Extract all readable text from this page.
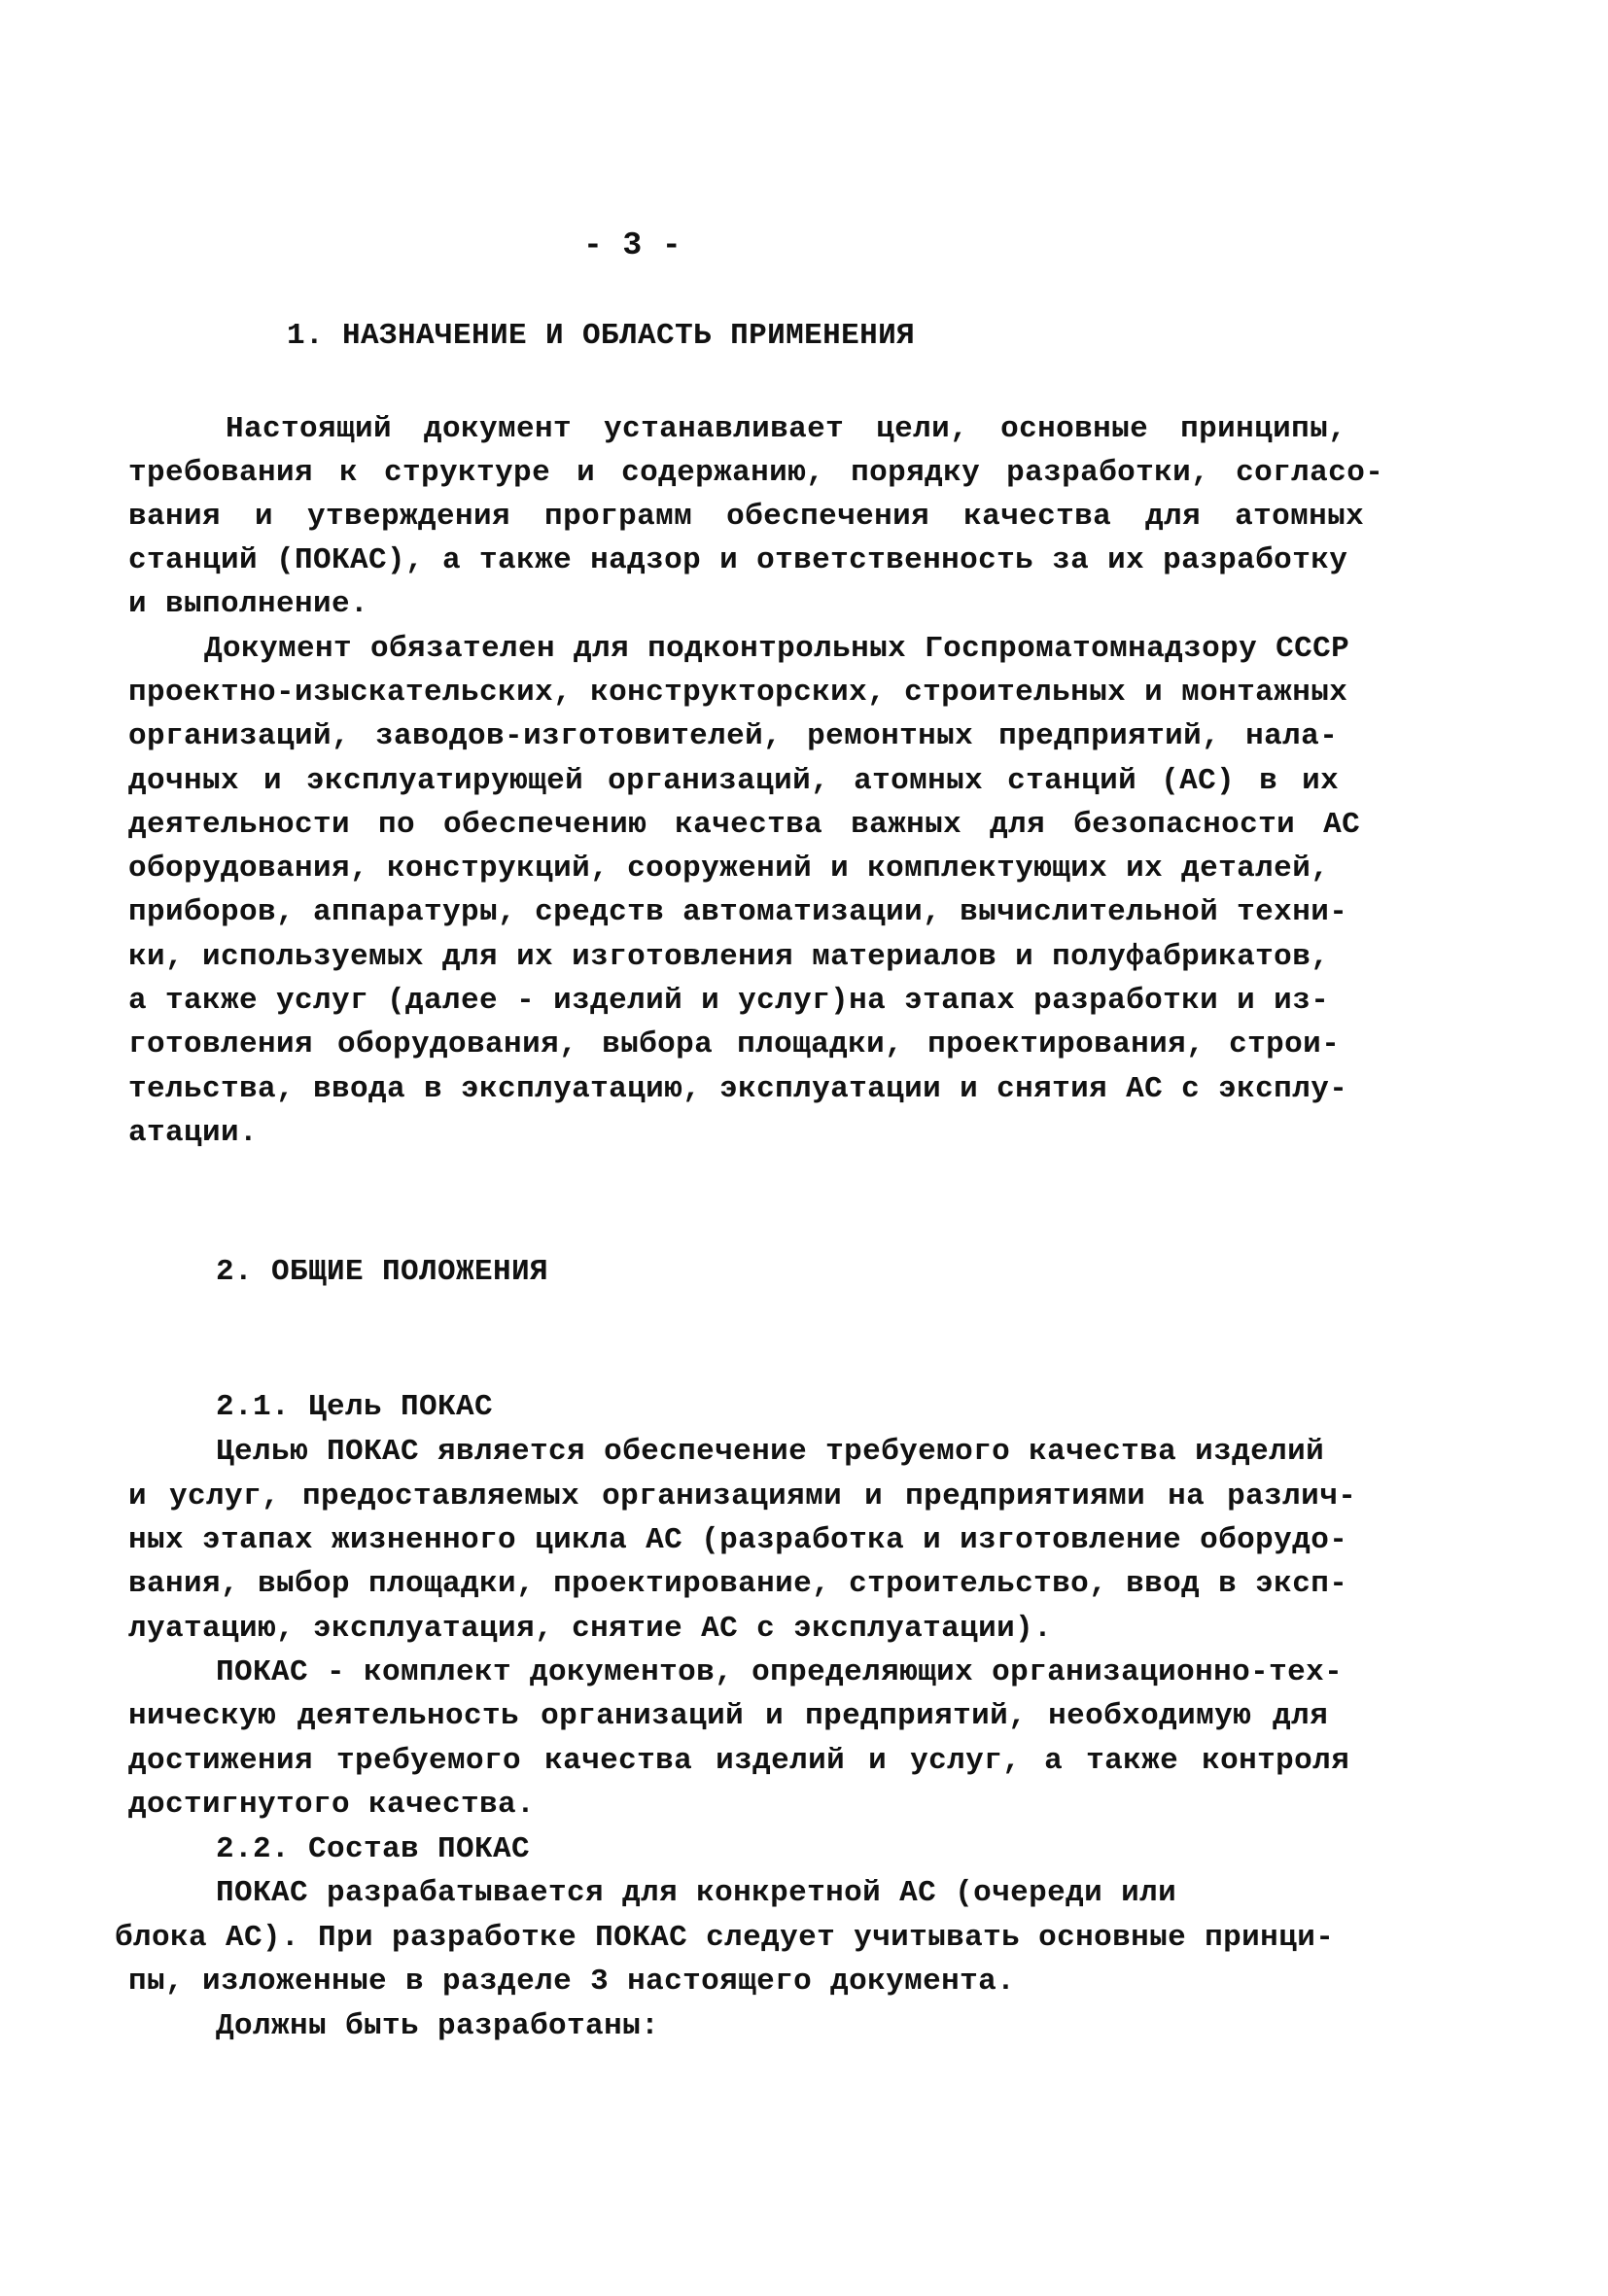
- 3 -
1. НАЗНАЧЕНИЕ И ОБЛАСТЬ ПРИМЕНЕНИЯ
Настоящий документ устанавливает цели, основные принципы,
требования к структуре и содержанию, порядку разработки, согласо-
вания и утверждения программ обеспечения качества для атомных
станций (ПОКАС), а также надзор и ответственность за их разработку
и выполнение.
Документ обязателен для подконтрольных Госпроматомнадзору СССР
проектно-изыскательских, конструкторских, строительных и монтажных
организаций, заводов-изготовителей, ремонтных предприятий, нала-
дочных и эксплуатирующей организаций, атомных станций (АС) в их
деятельности по обеспечению качества важных для безопасности АС
оборудования, конструкций, сооружений и комплектующих их деталей,
приборов, аппаратуры, средств автоматизации, вычислительной техни-
ки, используемых для их изготовления материалов и полуфабрикатов,
а также услуг (далее - изделий и услуг)на этапах разработки и из-
готовления оборудования, выбора площадки, проектирования, строи-
тельства, ввода в эксплуатацию, эксплуатации и снятия АС с эксплу-
атации.
2. ОБЩИЕ ПОЛОЖЕНИЯ
2.1. Цель ПОКАС
Целью ПОКАС является обеспечение требуемого качества изделий
и услуг, предоставляемых организациями и предприятиями на различ-
ных этапах жизненного цикла АС (разработка и изготовление оборудо-
вания, выбор площадки, проектирование, строительство, ввод в эксп-
луатацию, эксплуатация, снятие АС с эксплуатации).
ПОКАС - комплект документов, определяющих организационно-тех-
ническую деятельность организаций и предприятий, необходимую для
достижения требуемого качества изделий и услуг, а также контроля
достигнутого качества.
2.2. Состав ПОКАС
ПОКАС разрабатывается для конкретной АС (очереди или
блока АС). При разработке ПОКАС следует учитывать основные принци-
пы, изложенные в разделе 3 настоящего документа.
Должны быть разработаны:
